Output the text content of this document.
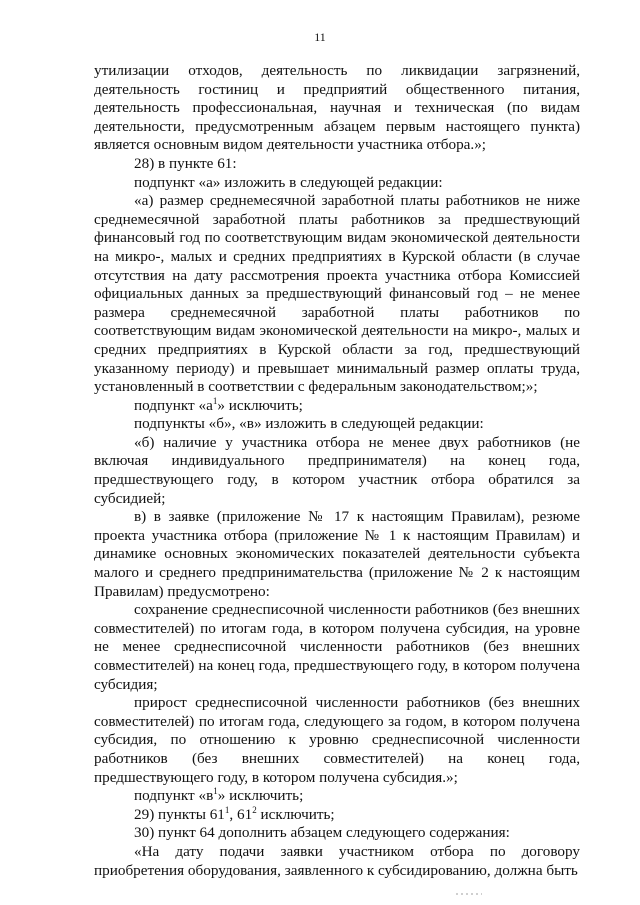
11

утилизации отходов, деятельность по ликвидации загрязнений, деятельность гостиниц и предприятий общественного питания, деятельность профессиональная, научная и техническая (по видам деятельности, предусмотренным абзацем первым настоящего пункта) является основным видом деятельности участника отбора.»;

28) в пункте 61:

подпункт «а» изложить в следующей редакции:

«а) размер среднемесячной заработной платы работников не ниже среднемесячной заработной платы работников за предшествующий финансовый год по соответствующим видам экономической деятельности на микро-, малых и средних предприятиях в Курской области (в случае отсутствия на дату рассмотрения проекта участника отбора Комиссией официальных данных за предшествующий финансовый год – не менее размера среднемесячной заработной платы работников по соответствующим видам экономической деятельности на микро-, малых и средних предприятиях в Курской области за год, предшествующий указанному периоду) и превышает минимальный размер оплаты труда, установленный в соответствии с федеральным законодательством;»;

подпункт «$а^1$» исключить;

подпункты «б», «в» изложить в следующей редакции:

«б) наличие у участника отбора не менее двух работников (не включая индивидуального предпринимателя) на конец года, предшествующего году, в котором участник отбора обратился за субсидией;

в) в заявке (приложение № 17 к настоящим Правилам), резюме проекта участника отбора (приложение № 1 к настоящим Правилам) и динамике основных экономических показателей деятельности субъекта малого и среднего предпринимательства (приложение № 2 к настоящим Правилам) предусмотрено:

сохранение среднесписочной численности работников (без внешних совместителей) по итогам года, в котором получена субсидия, на уровне не менее среднесписочной численности работников (без внешних совместителей) на конец года, предшествующего году, в котором получена субсидия;

прирост среднесписочной численности работников (без внешних совместителей) по итогам года, следующего за годом, в котором получена субсидия, по отношению к уровню среднесписочной численности работников (без внешних совместителей) на конец года, предшествующего году, в котором получена субсидия.»;

подпункт «$в^1$» исключить;

29) пункты $61^1$, $61^2$ исключить;

30) пункт 64 дополнить абзацем следующего содержания:

«На дату подачи заявки участником отбора по договору приобретения оборудования, заявленного к субсидированию, должна быть
